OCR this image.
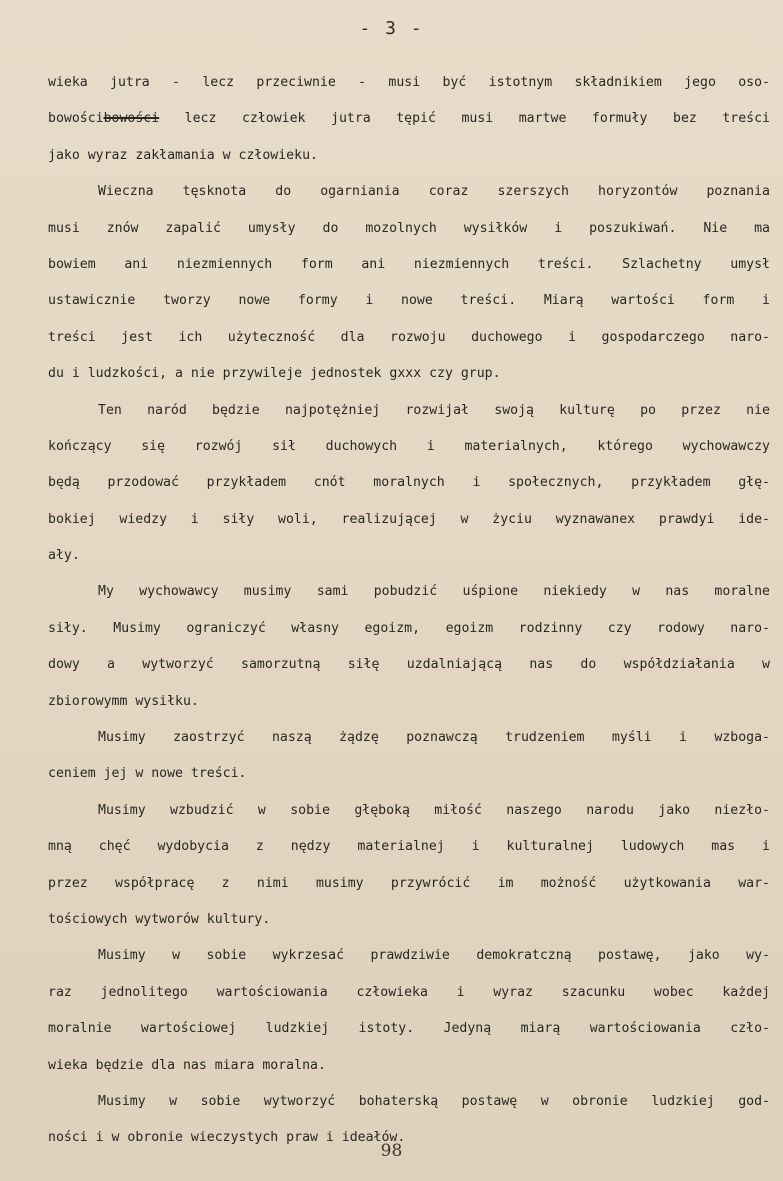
- 3 -
wieka jutra - lecz przeciwnie - musi być istotnym składnikiem jego oso-
bowościbowości lecz człowiek jutra tępić musi martwe formuły bez treści
jako wyraz zakłamania w człowieku.
Wieczna tęsknota do ogarniania coraz szerszych horyzontów poznania
musi znów zapalić umysły do mozolnych wysiłków i poszukiwań. Nie ma
bowiem ani niezmiennych form ani niezmiennych treści. Szlachetny umysł
ustawicznie tworzy nowe formy i nowe treści. Miarą wartości form i
treści jest ich użyteczność dla rozwoju duchowego i gospodarczego naro-
du i ludzkości, a nie przywileje jednostek gxxx czy grup.
Ten naród będzie najpotężniej rozwijał swoją kulturę po przez nie
kończący się rozwój sił duchowych i materialnych, którego wychowawczy
będą przodować przykładem cnót moralnych i społecznych, przykładem głę-
bokiej wiedzy i siły woli, realizującej w życiu wyznawanex prawdyi ide-
ały.
My wychowawcy musimy sami pobudzić uśpione niekiedy w nas moralne
siły. Musimy ograniczyć własny egoizm, egoizm rodzinny czy rodowy naro-
dowy a wytworzyć samorzutną siłę uzdalniającą nas do współdziałania w
zbiorowymm wysiłku.
Musimy zaostrzyć naszą żądzę poznawczą trudzeniem myśli i wzboga-
ceniem jej w nowe treści.
Musimy wzbudzić w sobie głęboką miłość naszego narodu jako niezło-
mną chęć wydobycia z nędzy materialnej i kulturalnej ludowych mas i
przez współpracę z nimi musimy przywrócić im możność użytkowania war-
tościowych wytworów kultury.
Musimy w sobie wykrzesać prawdziwie demokratczną postawę, jako wy-
raz jednolitego wartościowania człowieka i wyraz szacunku wobec każdej
moralnie wartościowej ludzkiej istoty. Jedyną miarą wartościowania czło-
wieka będzie dla nas miara moralna.
Musimy w sobie wytworzyć bohaterską postawę w obronie ludzkiej god-
ności i w obronie wieczystych praw i ideałów.
98
